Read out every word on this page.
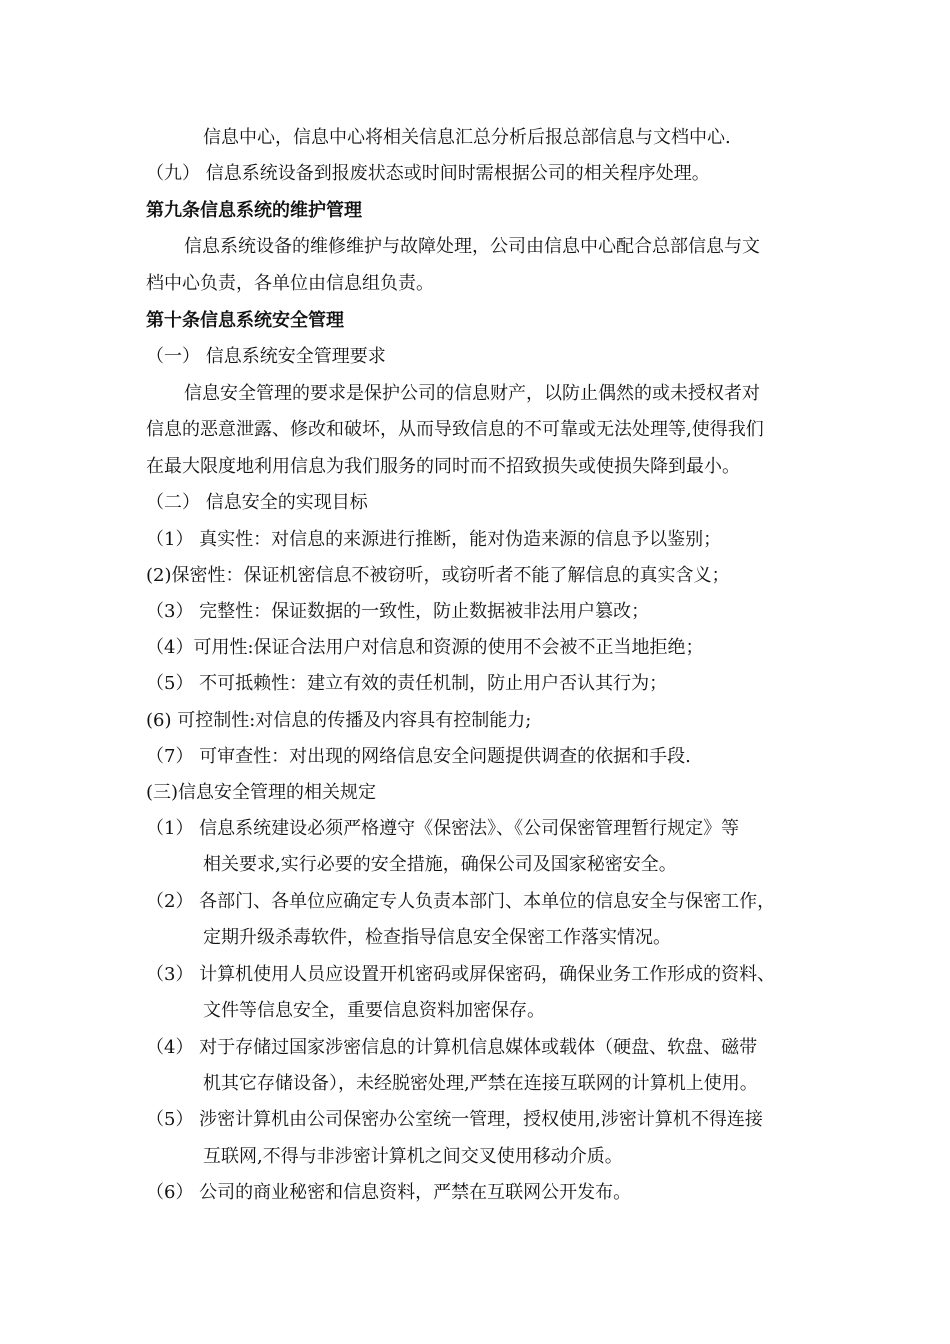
信息中心，信息中心将相关信息汇总分析后报总部信息与文档中心.
（九） 信息系统设备到报废状态或时间时需根据公司的相关程序处理。
第九条信息系统的维护管理
信息系统设备的维修维护与故障处理，公司由信息中心配合总部信息与文
档中心负责，各单位由信息组负责。
第十条信息系统安全管理
（一） 信息系统安全管理要求
信息安全管理的要求是保护公司的信息财产，以防止偶然的或未授权者对
信息的恶意泄露、修改和破坏，从而导致信息的不可靠或无法处理等,使得我们
在最大限度地利用信息为我们服务的同时而不招致损失或使损失降到最小。
（二） 信息安全的实现目标
（1） 真实性：对信息的来源进行推断，能对伪造来源的信息予以鉴别；
(2)保密性：保证机密信息不被窃听，或窃听者不能了解信息的真实含义；
（3） 完整性：保证数据的一致性，防止数据被非法用户篡改；
（4）可用性:保证合法用户对信息和资源的使用不会被不正当地拒绝；
（5） 不可抵赖性：建立有效的责任机制，防止用户否认其行为；
(6) 可控制性:对信息的传播及内容具有控制能力;
（7） 可审查性：对出现的网络信息安全问题提供调查的依据和手段.
(三)信息安全管理的相关规定
（1） 信息系统建设必须严格遵守《保密法》、《公司保密管理暂行规定》等
相关要求,实行必要的安全措施，确保公司及国家秘密安全。
（2） 各部门、各单位应确定专人负责本部门、本单位的信息安全与保密工作，
定期升级杀毒软件，检查指导信息安全保密工作落实情况。
（3） 计算机使用人员应设置开机密码或屏保密码，确保业务工作形成的资料、
文件等信息安全，重要信息资料加密保存。
（4） 对于存储过国家涉密信息的计算机信息媒体或载体（硬盘、软盘、磁带
机其它存储设备），未经脱密处理,严禁在连接互联网的计算机上使用。
（5） 涉密计算机由公司保密办公室统一管理，授权使用,涉密计算机不得连接
互联网,不得与非涉密计算机之间交叉使用移动介质。
（6） 公司的商业秘密和信息资料，严禁在互联网公开发布。
